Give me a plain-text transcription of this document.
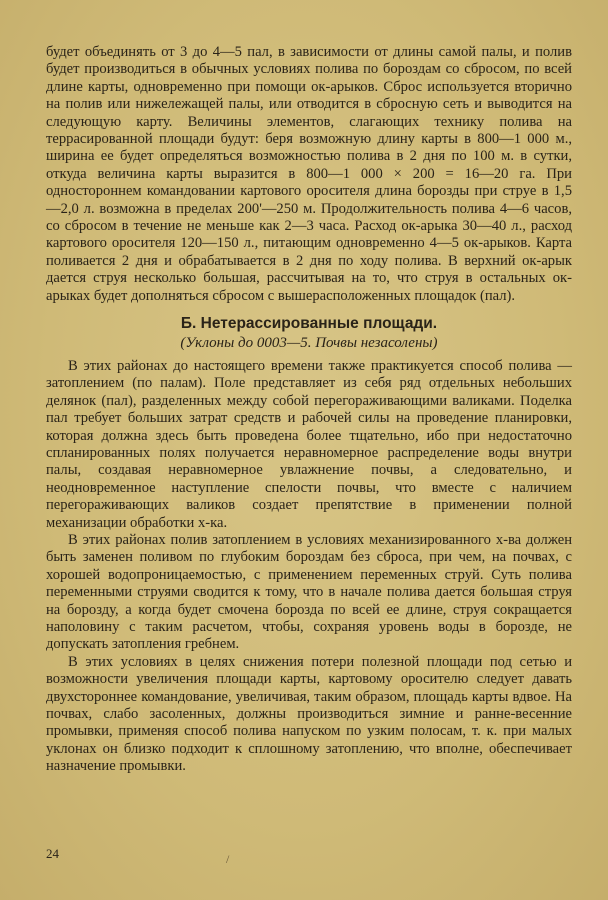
будет объединять от 3 до 4—5 пал, в зависимости от длины самой палы, и полив будет производиться в обычных условиях полива по бороздам со сбросом, по всей длине карты, одновременно при помощи ок-арыков. Сброс используется вторично на полив или нижележащей палы, или отводится в сбросную сеть и выводится на следующую карту. Величины элементов, слагающих технику полива на террасированной площади будут: беря возможную длину карты в 800—1 000 м., ширина ее будет определяться возможностью полива в 2 дня по 100 м. в сутки, откуда величина карты выразится в 800—1 000 × 200 = 16—20 га. При одностороннем командовании картового оросителя длина борозды при струе в 1,5—2,0 л. возможна в пределах 200'—250 м. Продолжительность полива 4—6 часов, со сбросом в течение не меньше как 2—3 часа. Расход ок-арыка 30—40 л., расход картового оросителя 120—150 л., питающим одновременно 4—5 ок-арыков. Карта поливается 2 дня и обрабатывается в 2 дня по ходу полива. В верхний ок-арык дается струя несколько большая, рассчитывая на то, что струя в остальных ок-арыках будет дополняться сбросом с вышерасположенных площадок (пал).

Б. Нетерассированные площади.

(Уклоны до 0003—5. Почвы незасолены)

В этих районах до настоящего времени также практикуется способ полива — затоплением (по палам). Поле представляет из себя ряд отдельных небольших делянок (пал), разделенных между собой перегораживающими валиками. Поделка пал требует больших затрат средств и рабочей силы на проведение планировки, которая должна здесь быть проведена более тщательно, ибо при недостаточно спланированных полях получается неравномерное распределение воды внутри палы, создавая неравномерное увлажнение почвы, а следовательно, и неодновременное наступление спелости почвы, что вместе с наличием перегораживающих валиков создает препятствие в применении полной механизации обработки х-ка.

В этих районах полив затоплением в условиях механизированного х-ва должен быть заменен поливом по глубоким бороздам без сброса, при чем, на почвах, с хорошей водопроницаемостью, с применением переменных струй. Суть полива переменными струями сводится к тому, что в начале полива дается большая струя на борозду, а когда будет смочена борозда по всей ее длине, струя сокращается наполовину с таким расчетом, чтобы, сохраняя уровень воды в борозде, не допускать затопления гребнем.

В этих условиях в целях снижения потери полезной площади под сетью и возможности увеличения площади карты, картовому оросителю следует давать двухстороннее командование, увеличивая, таким образом, площадь карты вдвое. На почвах, слабо засоленных, должны производиться зимние и ранне-весенние промывки, применяя способ полива напуском по узким полосам, т. к. при малых уклонах он близко подходит к сплошному затоплению, что вполне, обеспечивает назначение промывки.

24	/
